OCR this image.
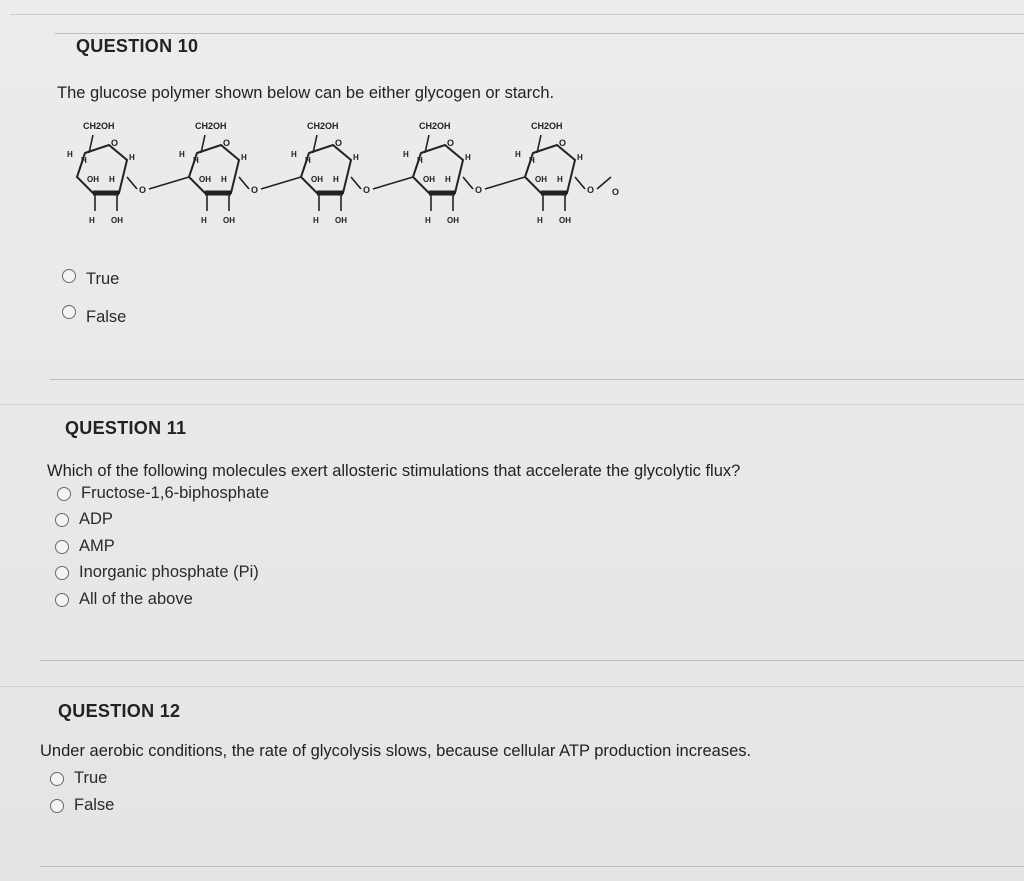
QUESTION 10
The glucose polymer shown below can be either glycogen or starch.
CH2OH
O
H
H	H
OH H
H OH
O
CH2OH
O
H
H	H
OH H
H OH
O
CH2OH
O
H
H	H
OH H
H OH
O
CH2OH
O
H
H	H
OH H
H OH
O
CH2OH
O
H
H	H
OH H
H OH
O O
True
False
QUESTION 11
Which of the following molecules exert allosteric stimulations that accelerate the glycolytic flux?
Fructose-1,6-biphosphate
ADP
AMP
Inorganic phosphate (Pi)
All of the above
QUESTION 12
Under aerobic conditions, the rate of glycolysis slows, because cellular ATP production increases.
True
False
